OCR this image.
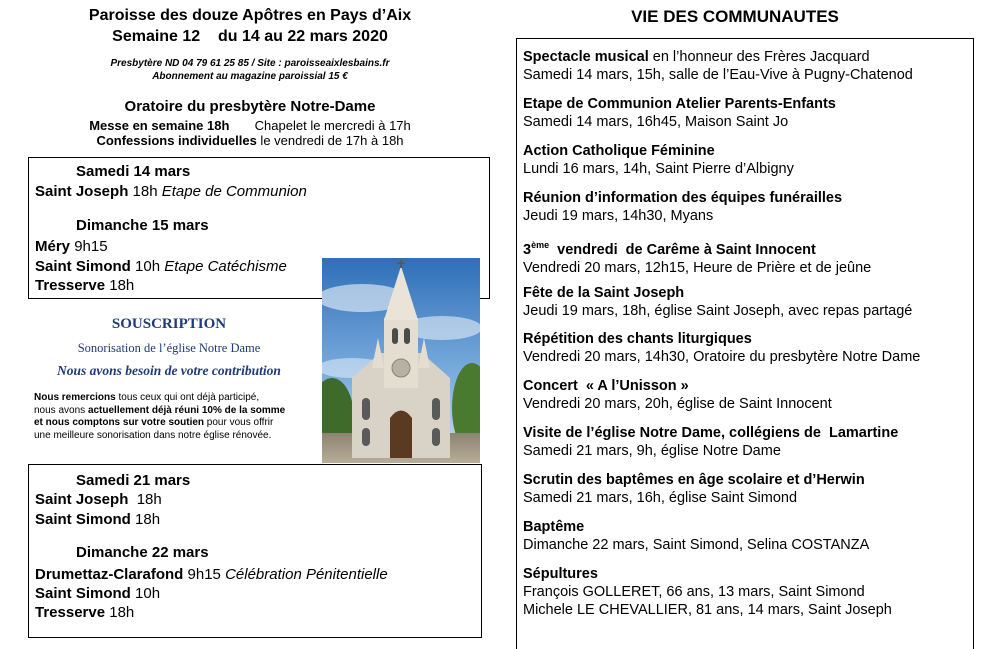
Paroisse des douze Apôtres en Pays d’Aix
Semaine 12    du 14 au 22 mars 2020
Presbytère ND 04 79 61 25 85 / Site : paroisseaixlesbains.fr
Abonnement au magazine paroissial 15 €
Oratoire du presbytère Notre-Dame
Messe en semaine 18h Chapelet le mercredi à 17h
Confessions individuelles le vendredi de 17h à 18h
Samedi 14 mars
Saint Joseph 18h Etape de Communion
Dimanche 15 mars
Méry 9h15
Saint Simond 10h Etape Catéchisme
Tresserve 18h
SOUSCRIPTION
Sonorisation de l’église Notre Dame
Nous avons besoin de votre contribution
Nous remercions tous ceux qui ont déjà participé,
nous avons actuellement déjà réuni 10% de la somme
et nous comptons sur votre soutien pour vous offrir
une meilleure sonorisation dans notre église rénovée.
Samedi 21 mars
Saint Joseph  18h
Saint Simond 18h
Dimanche 22 mars
Drumettaz-Clarafond 9h15 Célébration Pénitentielle
Saint Simond 10h
Tresserve 18h
VIE DES COMMUNAUTES
Spectacle musical en l’honneur des Frères Jacquard
Samedi 14 mars, 15h, salle de l’Eau-Vive à Pugny-Chatenod
Etape de Communion Atelier Parents-Enfants
Samedi 14 mars, 16h45, Maison Saint Jo
Action Catholique Féminine
Lundi 16 mars, 14h, Saint Pierre d’Albigny
Réunion d’information des équipes funérailles
Jeudi 19 mars, 14h30, Myans
3ème vendredi  de Carême à Saint Innocent
Vendredi 20 mars, 12h15, Heure de Prière et de jeûne
Fête de la Saint Joseph
Jeudi 19 mars, 18h, église Saint Joseph, avec repas partagé
Répétition des chants liturgiques
Vendredi 20 mars, 14h30, Oratoire du presbytère Notre Dame
Concert  « A l’Unisson »
Vendredi 20 mars, 20h, église de Saint Innocent
Visite de l’église Notre Dame, collégiens de  Lamartine
Samedi 21 mars, 9h, église Notre Dame
Scrutin des baptêmes en âge scolaire et d’Herwin
Samedi 21 mars, 16h, église Saint Simond
Baptême
Dimanche 22 mars, Saint Simond, Selina COSTANZA
Sépultures
François GOLLERET, 66 ans, 13 mars, Saint Simond
Michele LE CHEVALLIER, 81 ans, 14 mars, Saint Joseph
